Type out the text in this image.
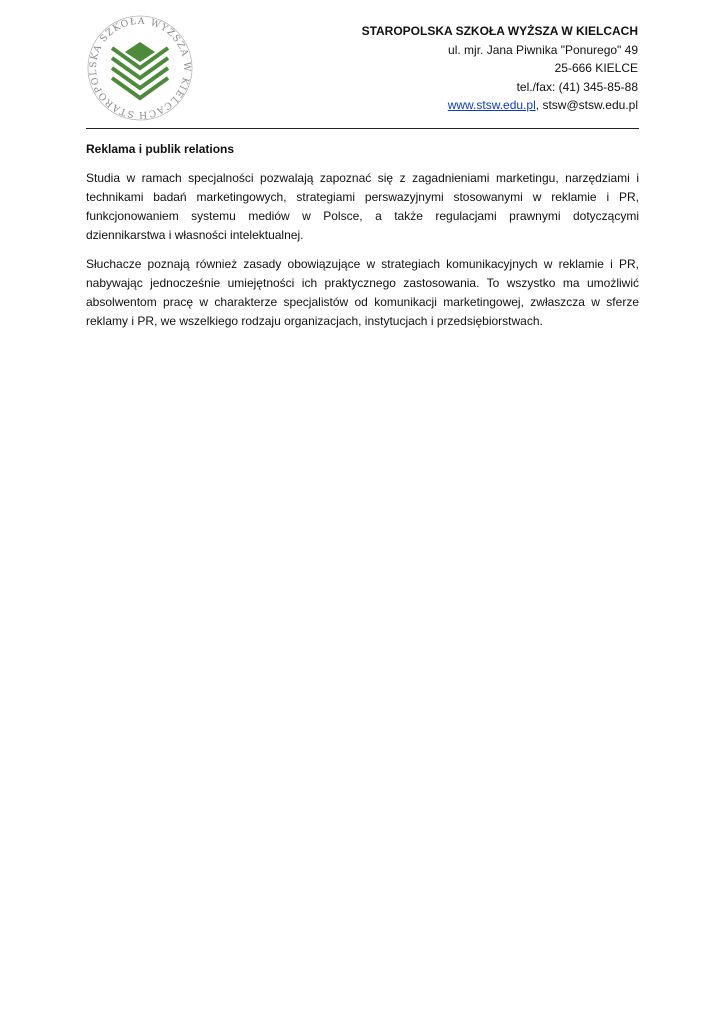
STAROPOLSKA SZKOŁA WYŻSZA W KIELCACH
STAROPOLSKA SZKOŁA WYŻSZA W KIELCACH
ul. mjr. Jana Piwnika "Ponurego" 49
25-666 KIELCE
tel./fax: (41) 345-85-88
www.stsw.edu.pl, stsw@stsw.edu.pl
Reklama i publik relations

Studia w ramach specjalności pozwalają zapoznać się z zagadnieniami marketingu, narzędziami i technikami badań marketingowych, strategiami perswazyjnymi stosowanymi w reklamie i PR, funkcjonowaniem systemu mediów w Polsce, a także regulacjami prawnymi dotyczącymi dziennikarstwa i własności intelektualnej.

Słuchacze poznają również zasady obowiązujące w strategiach komunikacyjnych w reklamie i PR, nabywając jednocześnie umiejętności ich praktycznego zastosowania. To wszystko ma umożliwić absolwentom pracę w charakterze specjalistów od komunikacji marketingowej, zwłaszcza w sferze reklamy i PR, we wszelkiego rodzaju organizacjach, instytucjach i przedsiębiorstwach.
